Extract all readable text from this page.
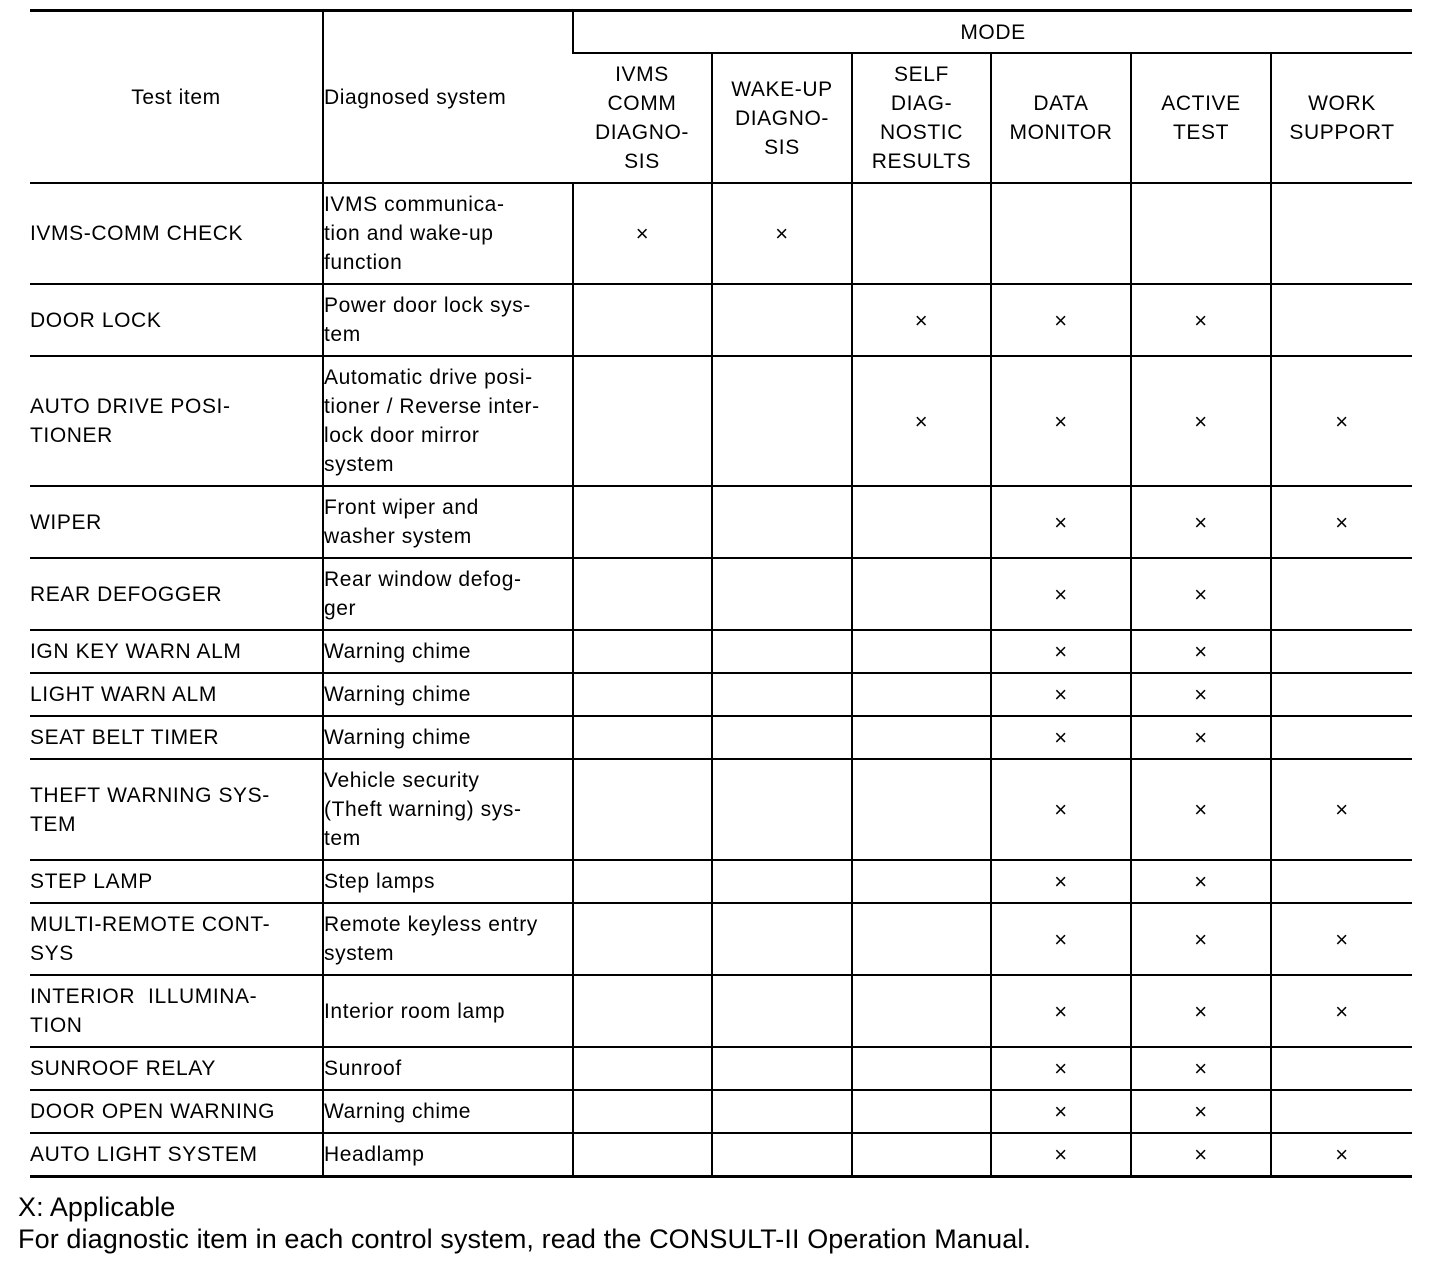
Test item	Diagnosed system	MODE					
		IVMS
COMM
DIAGNO-
SIS	WAKE-UP
DIAGNO-
SIS	SELF
DIAG-
NOSTIC
RESULTS	DATA
MONITOR	ACTIVE
TEST	WORK
SUPPORT
IVMS-COMM CHECK	IVMS communica-
tion and wake-up
function	×	×				
DOOR LOCK	Power door lock sys-
tem			×	×	×	
AUTO DRIVE POSI-
TIONER	Automatic drive posi-
tioner / Reverse inter-
lock door mirror
system			×	×	×	×
WIPER	Front wiper and
washer system				×	×	×
REAR DEFOGGER	Rear window defog-
ger				×	×	
IGN KEY WARN ALM	Warning chime				×	×	
LIGHT WARN ALM	Warning chime				×	×	
SEAT BELT TIMER	Warning chime				×	×	
THEFT WARNING SYS-
TEM	Vehicle security
(Theft warning) sys-
tem				×	×	×
STEP LAMP	Step lamps				×	×	
MULTI-REMOTE CONT-
SYS	Remote keyless entry
system				×	×	×
INTERIOR  ILLUMINA-
TION	Interior room lamp				×	×	×
SUNROOF RELAY	Sunroof				×	×	
DOOR OPEN WARNING	Warning chime				×	×	
AUTO LIGHT SYSTEM	Headlamp				×	×	×
X: Applicable
For diagnostic item in each control system, read the CONSULT-II Operation Manual.
